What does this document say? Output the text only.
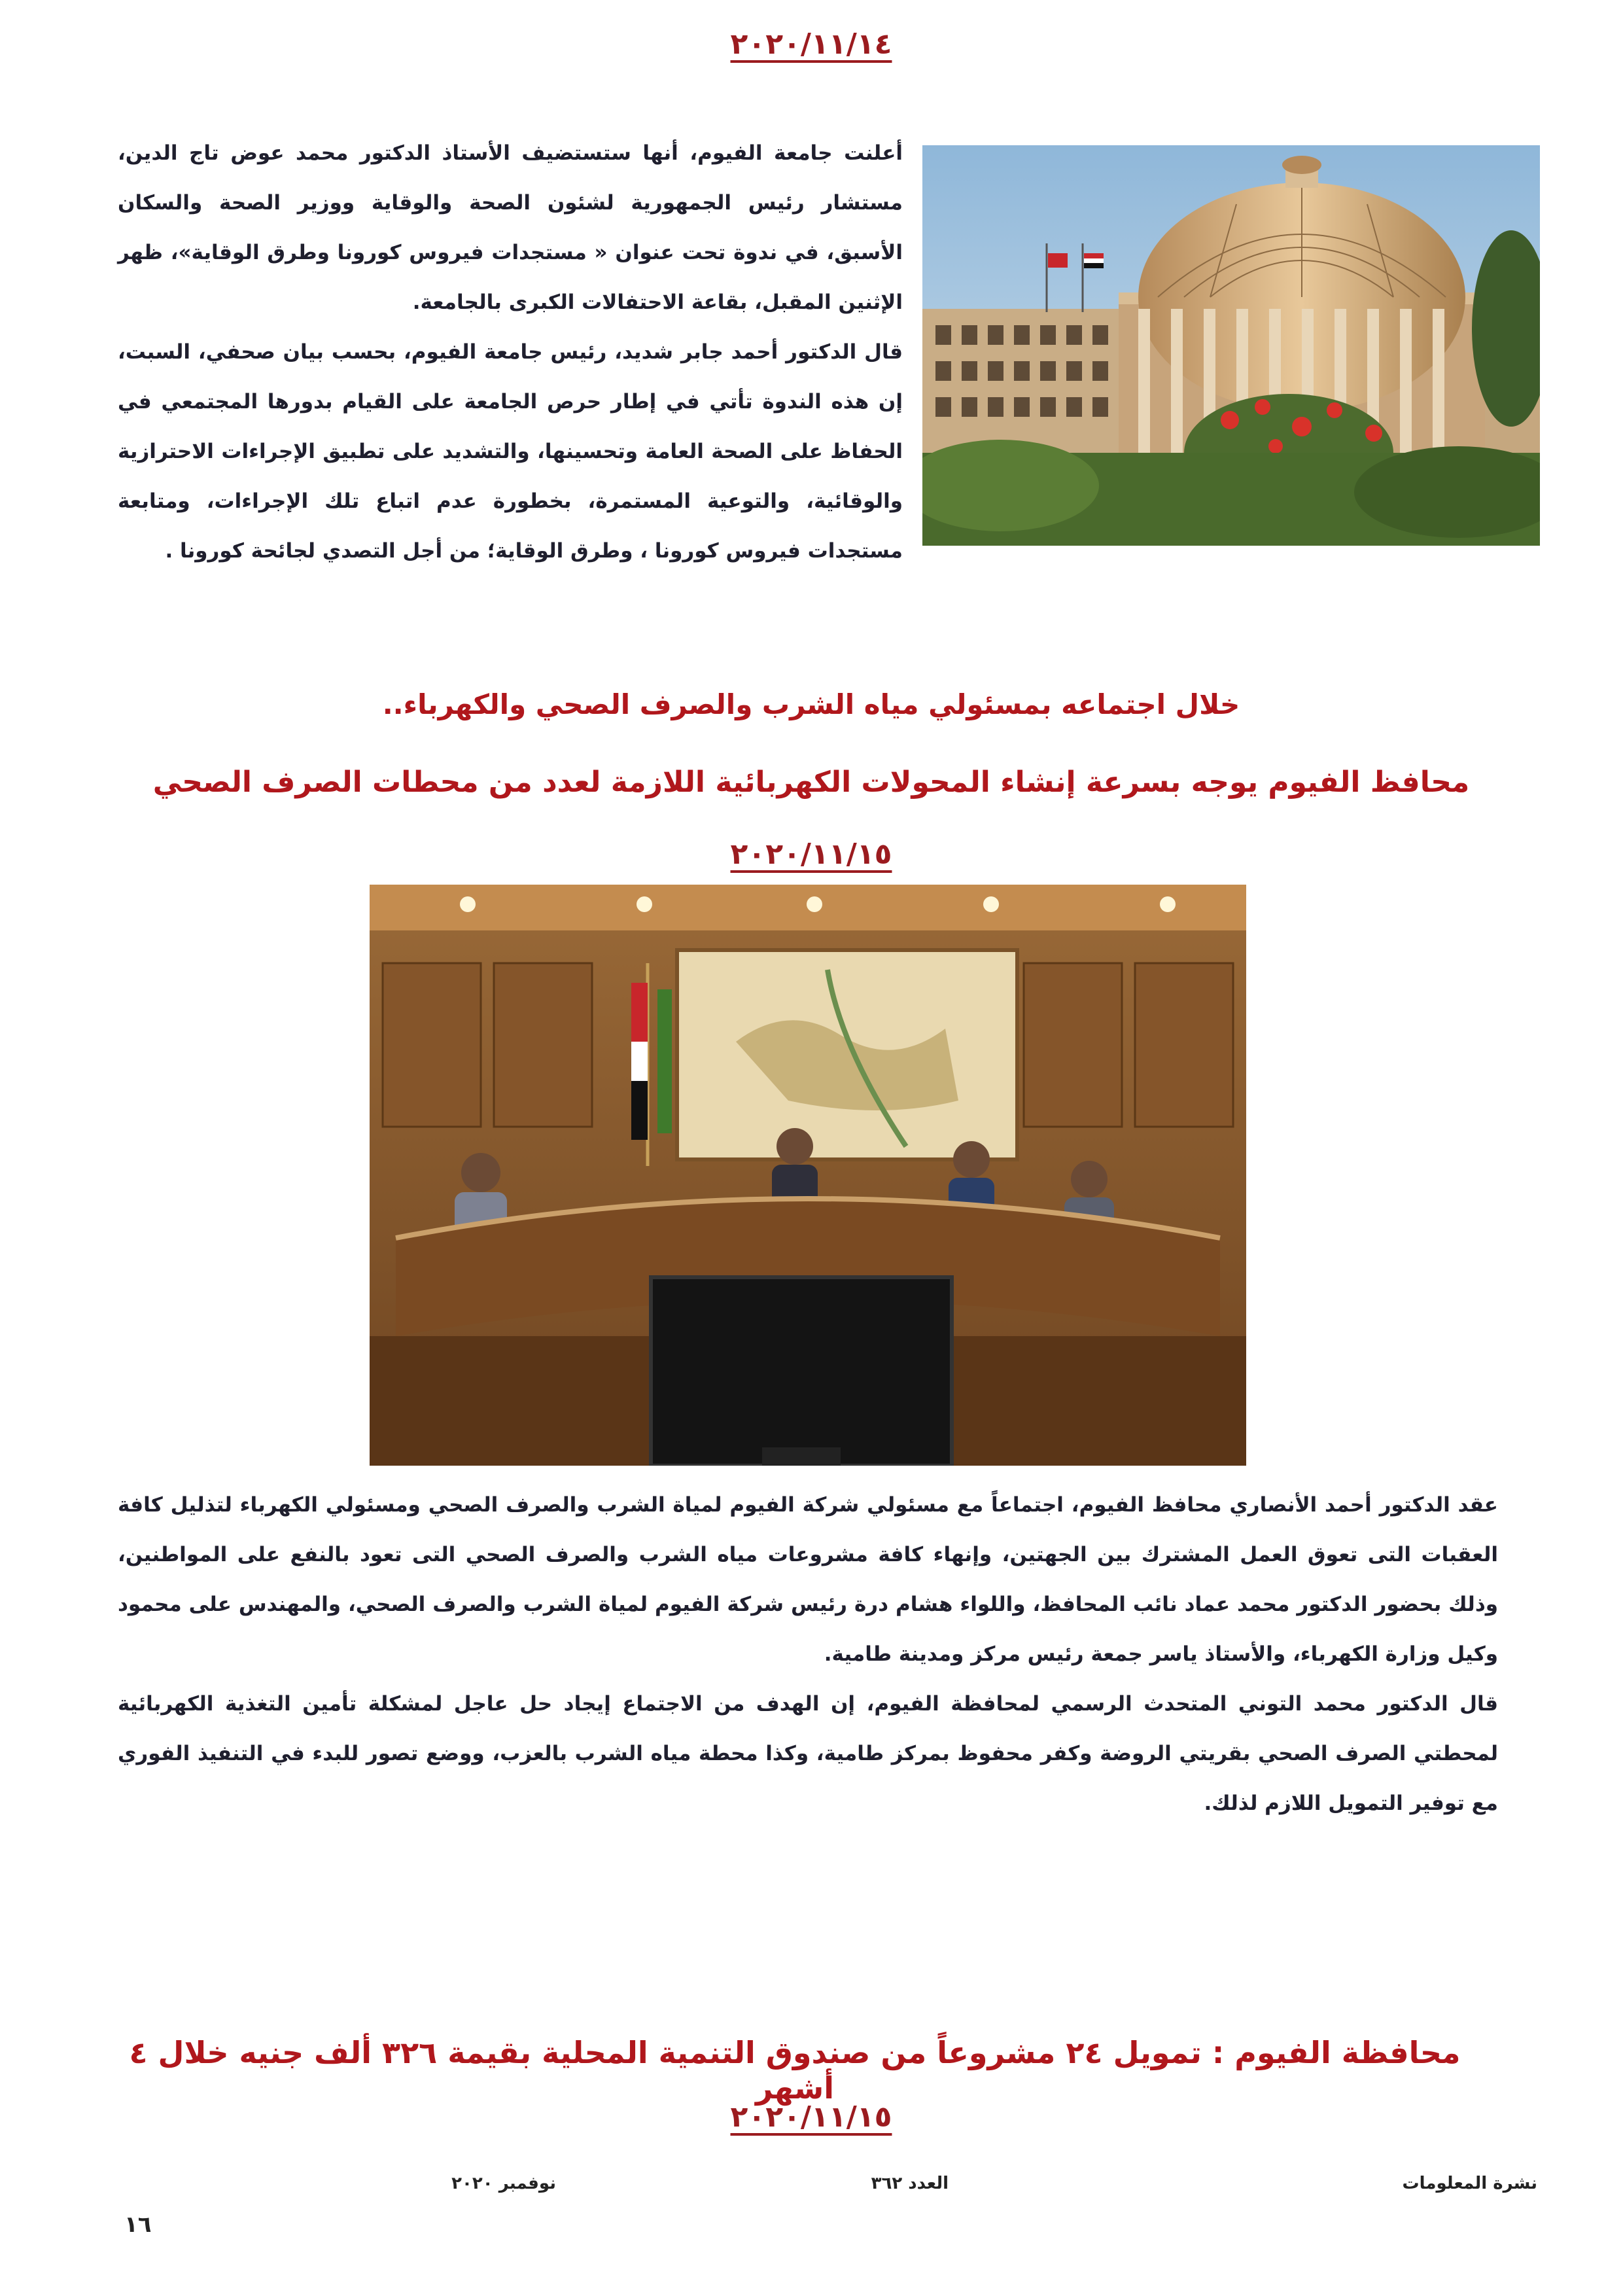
٢٠٢٠/١١/١٤

أعلنت جامعة الفيوم، أنها ستستضيف الأستاذ الدكتور محمد عوض تاج الدين، مستشار رئيس الجمهورية لشئون الصحة والوقاية ووزير الصحة والسكان الأسبق، في ندوة تحت عنوان « مستجدات فيروس كورونا وطرق الوقاية»، ظهر الإثنين المقبل، بقاعة الاحتفالات الكبرى بالجامعة.

قال الدكتور أحمد جابر شديد، رئيس جامعة الفيوم، بحسب بيان صحفي، السبت، إن هذه الندوة تأتي في إطار حرص الجامعة على القيام بدورها المجتمعي في الحفاظ على الصحة العامة وتحسينها، والتشديد على تطبيق الإجراءات الاحترازية والوقائية، والتوعية المستمرة، بخطورة عدم اتباع تلك الإجراءات، ومتابعة مستجدات فيروس كورونا ، وطرق الوقاية؛ من أجل التصدي لجائحة كورونا .

خلال اجتماعه بمسئولي مياه الشرب والصرف الصحي والكهرباء..
محافظ الفيوم يوجه بسرعة إنشاء المحولات الكهربائية اللازمة لعدد من محطات الصرف الصحي
٢٠٢٠/١١/١٥

عقد الدكتور أحمد الأنصاري محافظ الفيوم، اجتماعاً مع مسئولي شركة الفيوم لمياة الشرب والصرف الصحي ومسئولي الكهرباء لتذليل كافة العقبات التى تعوق العمل المشترك بين الجهتين، وإنهاء كافة مشروعات مياه الشرب والصرف الصحي التى تعود بالنفع على المواطنين، وذلك بحضور الدكتور محمد عماد نائب المحافظ، واللواء هشام درة رئيس شركة الفيوم لمياة الشرب والصرف الصحي، والمهندس على محمود وكيل وزارة الكهرباء، والأستاذ ياسر جمعة رئيس مركز ومدينة طامية.

قال الدكتور محمد التوني المتحدث الرسمي لمحافظة الفيوم، إن الهدف من الاجتماع إيجاد حل عاجل لمشكلة تأمين التغذية الكهربائية لمحطتي الصرف الصحي بقريتي الروضة وكفر محفوظ بمركز طامية، وكذا محطة مياه الشرب بالعزب، ووضع تصور للبدء في التنفيذ الفوري مع توفير التمويل اللازم لذلك.

محافظة الفيوم : تمويل ٢٤ مشروعاً من صندوق التنمية المحلية بقيمة ٣٢٦ ألف جنيه خلال ٤ أشهر
٢٠٢٠/١١/١٥
نشرة المعلومات
العدد ٣٦٢
نوفمبر ٢٠٢٠
١٦
